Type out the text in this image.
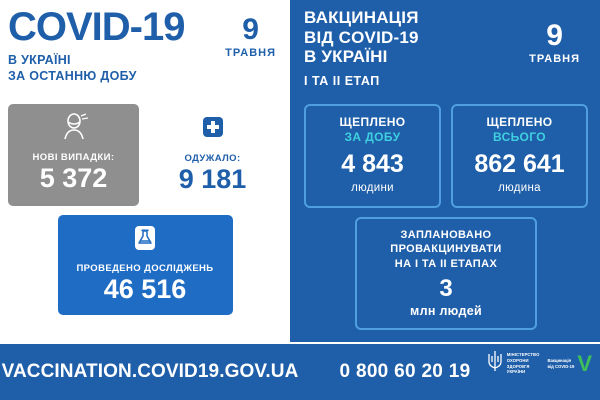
COVID-19
В УКРАЇНІ
ЗА ОСТАННЮ ДОБУ
9
ТРАВНЯ
НОВІ ВИПАДКИ:
5 372
ОДУЖАЛО:
9 181
ПРОВЕДЕНО ДОСЛІДЖЕНЬ
46 516
ВАКЦИНАЦІЯ
ВІД COVID-19
В УКРАЇНІ
I ТА II ЕТАП
9
ТРАВНЯ
ЩЕПЛЕНО
ЗА ДОБУ
4 843
людини
ЩЕПЛЕНО
ВСЬОГО
862 641
людина
ЗАПЛАНОВАНО
ПРОВАКЦИНУВАТИ
НА I ТА II ЕТАПАХ
3
млн людей
VACCINATION.COVID19.GOV.UA	0 800 60 20 19
МІНІСТЕРСТВО
ОХОРОНИ
ЗДОРОВ'Я
УКРАЇНИ
Вакцинація
від COVID-19 V
